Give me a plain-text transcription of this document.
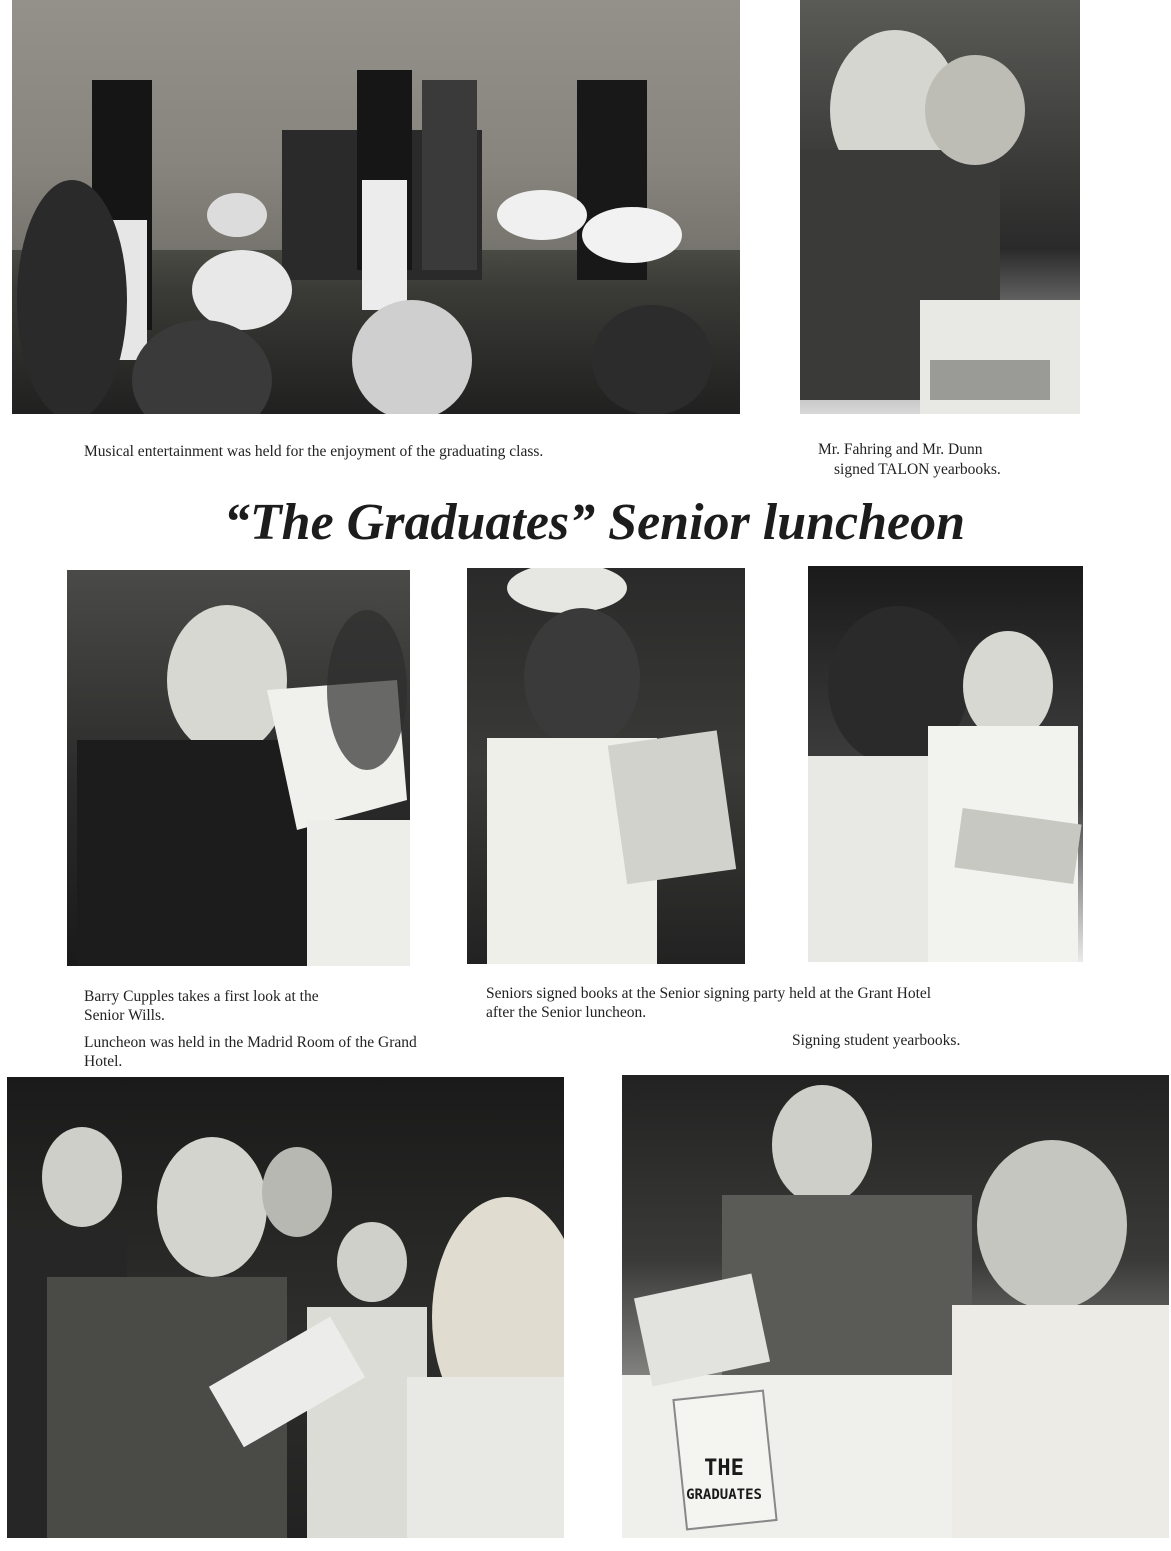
Musical entertainment was held for the enjoyment of the graduating class.	Mr. Fahring and Mr. Dunn

signed TALON yearbooks.

“The Graduates” Senior luncheon

Barry Cupples takes a first look at the

Senior Wills.

Seniors signed books at the Senior signing party held at the Grant Hotel

after the Senior luncheon.

Luncheon was held in the Madrid Room of the Grand

Hotel.

Signing student yearbooks.

THE
GRADUATES
